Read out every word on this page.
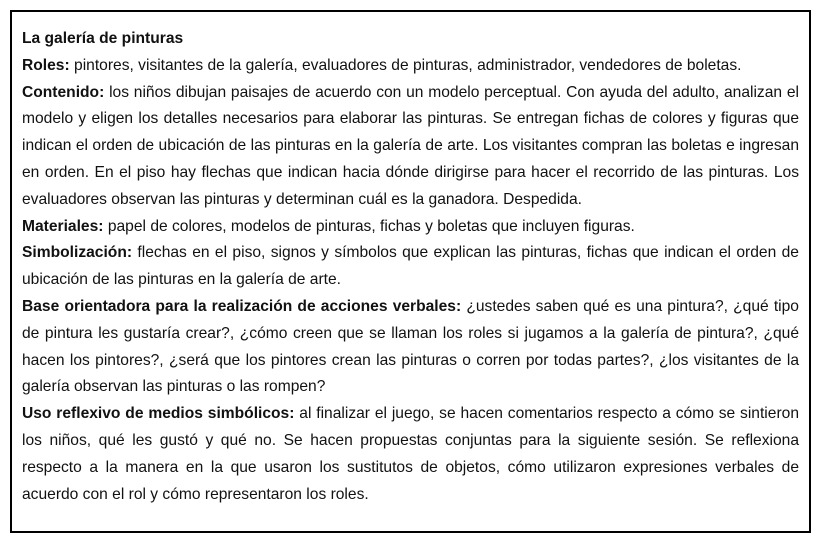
La galería de pinturas

Roles: pintores, visitantes de la galería, evaluadores de pinturas, administrador, vendedores de boletas.

Contenido: los niños dibujan paisajes de acuerdo con un modelo perceptual. Con ayuda del adulto, analizan el modelo y eligen los detalles necesarios para elaborar las pinturas. Se entregan fichas de colores y figuras que indican el orden de ubicación de las pinturas en la galería de arte. Los visitantes compran las boletas e ingresan en orden. En el piso hay flechas que indican hacia dónde dirigirse para hacer el recorrido de las pinturas. Los evaluadores observan las pinturas y determinan cuál es la ganadora. Despedida.

Materiales: papel de colores, modelos de pinturas, fichas y boletas que incluyen figuras.

Simbolización: flechas en el piso, signos y símbolos que explican las pinturas, fichas que indican el orden de ubicación de las pinturas en la galería de arte.

Base orientadora para la realización de acciones verbales: ¿ustedes saben qué es una pintura?, ¿qué tipo de pintura les gustaría crear?, ¿cómo creen que se llaman los roles si jugamos a la galería de pintura?, ¿qué hacen los pintores?, ¿será que los pintores crean las pinturas o corren por todas partes?, ¿los visitantes de la galería observan las pinturas o las rompen?

Uso reflexivo de medios simbólicos: al finalizar el juego, se hacen comentarios respecto a cómo se sintieron los niños, qué les gustó y qué no. Se hacen propuestas conjuntas para la siguiente sesión. Se reflexiona respecto a la manera en la que usaron los sustitutos de objetos, cómo utilizaron expresiones verbales de acuerdo con el rol y cómo representaron los roles.
